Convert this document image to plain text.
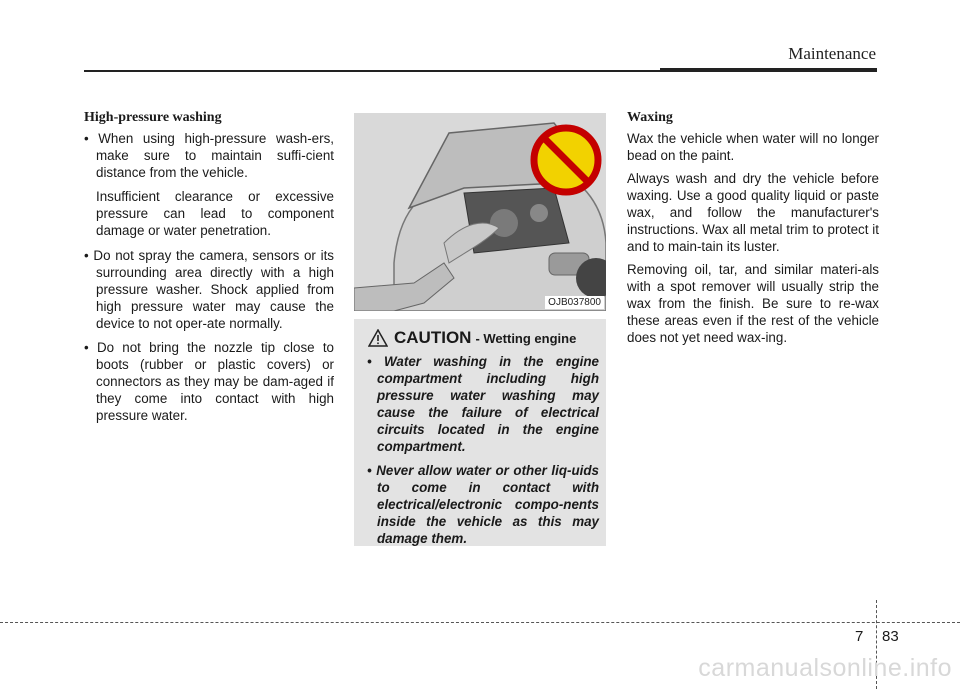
Maintenance
High-pressure washing
• When using high-pressure wash-ers, make sure to maintain suffi-cient distance from the vehicle.
Insufficient clearance or excessive pressure can lead to component damage or water penetration.
• Do not spray the camera, sensors or its surrounding area directly with a high pressure washer. Shock applied from high pressure water may cause the device to not oper-ate normally.
• Do not bring the nozzle tip close to boots (rubber or plastic covers) or connectors as they may be dam-aged if they come into contact with high pressure water.
OJB037800
CAUTION - Wetting engine
• Water washing in the engine compartment including high pressure water washing may cause the failure of electrical circuits located in the engine compartment.
• Never allow water or other liq-uids to come in contact with electrical/electronic compo-nents inside the vehicle as this may damage them.
Waxing
Wax the vehicle when water will no longer bead on the paint.
Always wash and dry the vehicle before waxing. Use a good quality liquid or paste wax, and follow the manufacturer's instructions. Wax all metal trim to protect it and to main-tain its luster.
Removing oil, tar, and similar materi-als with a spot remover will usually strip the wax from the finish. Be sure to re-wax these areas even if the rest of the vehicle does not yet need wax-ing.
7 83
carmanualsonline.info
